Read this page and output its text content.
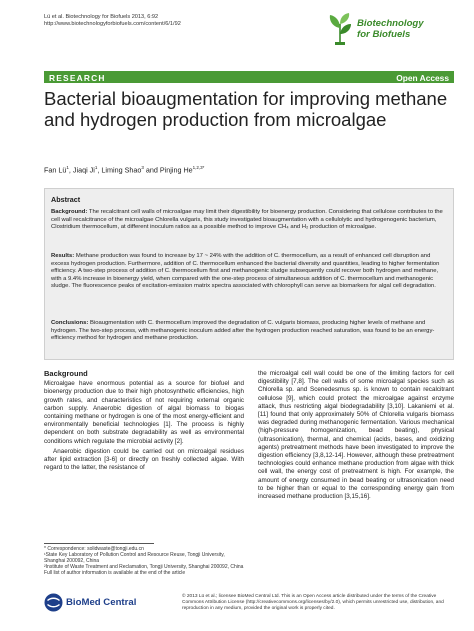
Lü et al. Biotechnology for Biofuels 2013, 6:92
http://www.biotechnologyforbiofuels.com/content/6/1/92	Biotechnology
for Biofuels
RESEARCH	Open Access
Bacterial bioaugmentation for improving methane and hydrogen production from microalgae
Fan $Lü^1$, Jiaqi Ji$^1$, Liming Shao$^3$ and Pinjing $He^{1,2,3*}$
Abstract
Background: The recalcitrant cell walls of microalgae may limit their digestibility for bioenergy production. Considering that cellulose contributes to the cell wall recalcitrance of the microalgae Chlorella vulgaris, this study investigated bioaugmentation with a cellulolytic and hydrogenogenic bacterium, Clostridium thermocellum, at different inoculum ratios as a possible method to improve CH₄ and H₂ production of microalgae.
Results: Methane production was found to increase by 17 ~ 24% with the addition of C. thermocellum, as a result of enhanced cell disruption and excess hydrogen production. Furthermore, addition of C. thermocellum enhanced the bacterial diversity and quantities, leading to higher fermentation efficiency. A two-step process of addition of C. thermocellum first and methanogenic sludge subsequently could recover both hydrogen and methane, with a 9.4% increase in bioenergy yield, when compared with the one-step process of simultaneous addition of C. thermocellum and methanogenic sludge. The fluorescence peaks of excitation-emission matrix spectra associated with chlorophyll can serve as biomarkers for algal cell degradation.
Conclusions: Bioaugmentation with C. thermocellum improved the degradation of C. vulgaris biomass, producing higher levels of methane and hydrogen. The two-step process, with methanogenic inoculum added after the hydrogen production reached saturation, was found to be an energy-efficiency method for hydrogen and methane production.
Background

Microalgae have enormous potential as a source for biofuel and bioenergy production due to their high photosynthetic efficiencies, high growth rates, and characteristics of not requiring external organic carbon supply. Anaerobic digestion of algal biomass to biogas containing methane or hydrogen is one of the most energy-efficient and environmentally beneficial technologies [1]. The process is highly dependent on both substrate degradability as well as environmental conditions which regulate the microbial activity [2].

Anaerobic digestion could be carried out on microalgal residues after lipid extraction [3-6] or directly on freshly collected algae. With regard to the latter, the resistance of

the microalgal cell wall could be one of the limiting factors for cell digestibility [7,8]. The cell walls of some microalgal species such as Chlorella sp. and Scenedesmus sp. is known to contain recalcitrant cellulose [9], which could protect the microalgae against enzyme attack, thus restricting algal biodegradability [3,10]. Lakaniemi et al. [11] found that only approximately 50% of Chlorella vulgaris biomass was degraded during methanogenic fermentation. Various mechanical (high-pressure homogenization, bead beating), physical (ultrasonication), thermal, and chemical (acids, bases, and oxidizing agents) pretreatment methods have been investigated to improve the digestion efficiency [3,8,12-14]. However, although these pretreatment technologies could enhance methane production from algae with thick cell wall, the energy cost of pretreatment is high. For example, the amount of energy consumed in bead beating or ultrasonication need to be higher than or equal to the corresponding energy gain from increased methane production [3,15,16].

* Correspondence: solidwaste@tongji.edu.cn
¹State Key Laboratory of Pollution Control and Resource Reuse, Tongji University, Shanghai 200092, China
²Institute of Waste Treatment and Reclamation, Tongji University, Shanghai 200092, China
Full list of author information is available at the end of the article
BioMed Central
© 2013 Lü et al.; licensee BioMed Central Ltd. This is an Open Access article distributed under the terms of the Creative Commons Attribution License (http://creativecommons.org/licenses/by/2.0), which permits unrestricted use, distribution, and reproduction in any medium, provided the original work is properly cited.
